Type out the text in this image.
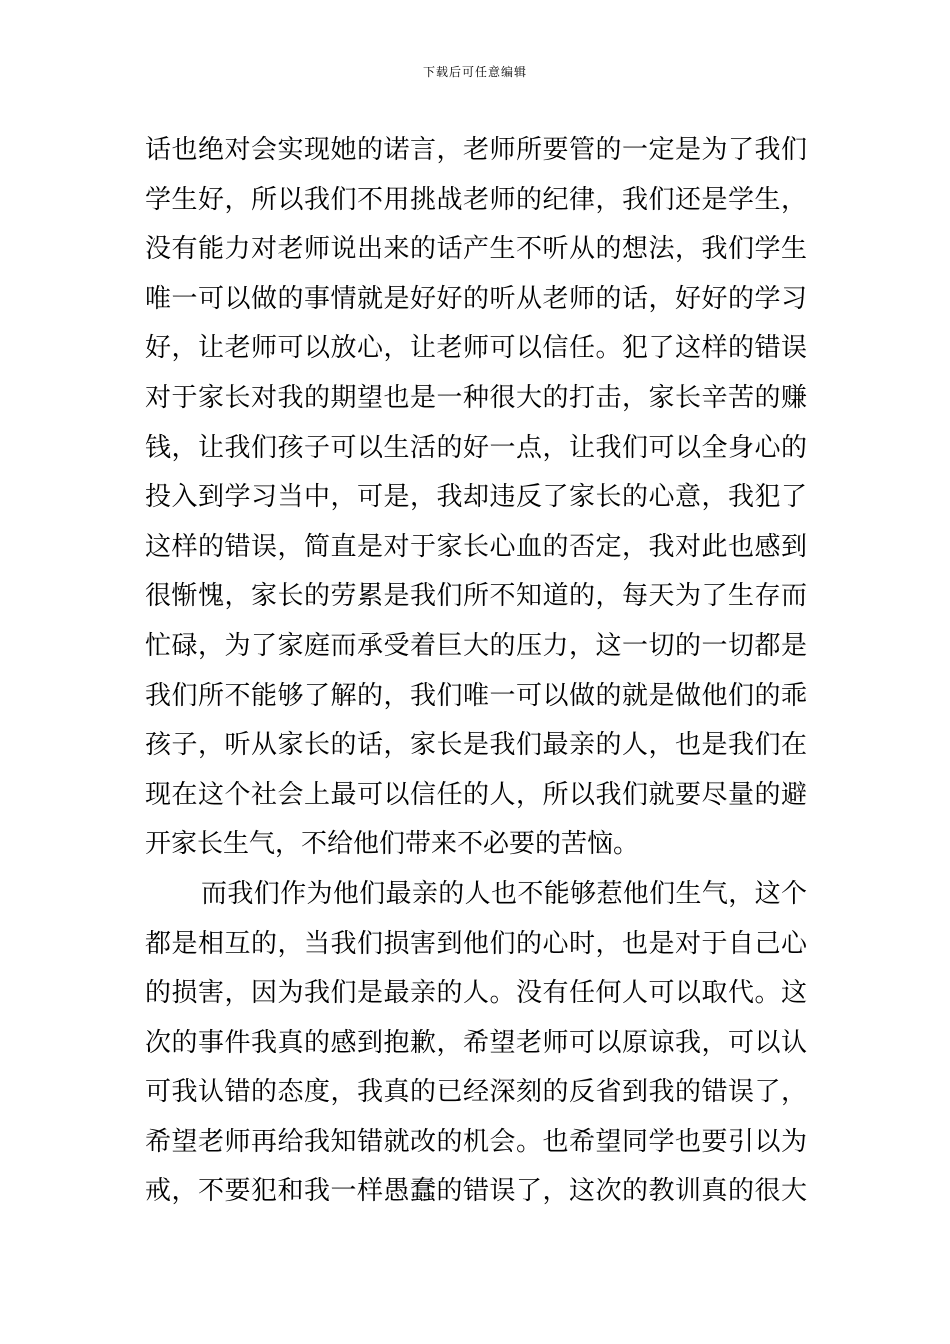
下载后可任意编辑
话也绝对会实现她的诺言，老师所要管的一定是为了我们
学生好，所以我们不用挑战老师的纪律，我们还是学生，
没有能力对老师说出来的话产生不听从的想法，我们学生
唯一可以做的事情就是好好的听从老师的话，好好的学习
好，让老师可以放心，让老师可以信任。犯了这样的错误
对于家长对我的期望也是一种很大的打击，家长辛苦的赚
钱，让我们孩子可以生活的好一点，让我们可以全身心的
投入到学习当中，可是，我却违反了家长的心意，我犯了
这样的错误，简直是对于家长心血的否定，我对此也感到
很惭愧，家长的劳累是我们所不知道的，每天为了生存而
忙碌，为了家庭而承受着巨大的压力，这一切的一切都是
我们所不能够了解的，我们唯一可以做的就是做他们的乖
孩子，听从家长的话，家长是我们最亲的人，也是我们在
现在这个社会上最可以信任的人，所以我们就要尽量的避
开家长生气，不给他们带来不必要的苦恼。
而我们作为他们最亲的人也不能够惹他们生气，这个
都是相互的，当我们损害到他们的心时，也是对于自己心
的损害，因为我们是最亲的人。没有任何人可以取代。这
次的事件我真的感到抱歉，希望老师可以原谅我，可以认
可我认错的态度，我真的已经深刻的反省到我的错误了，
希望老师再给我知错就改的机会。也希望同学也要引以为
戒，不要犯和我一样愚蠢的错误了，这次的教训真的很大
